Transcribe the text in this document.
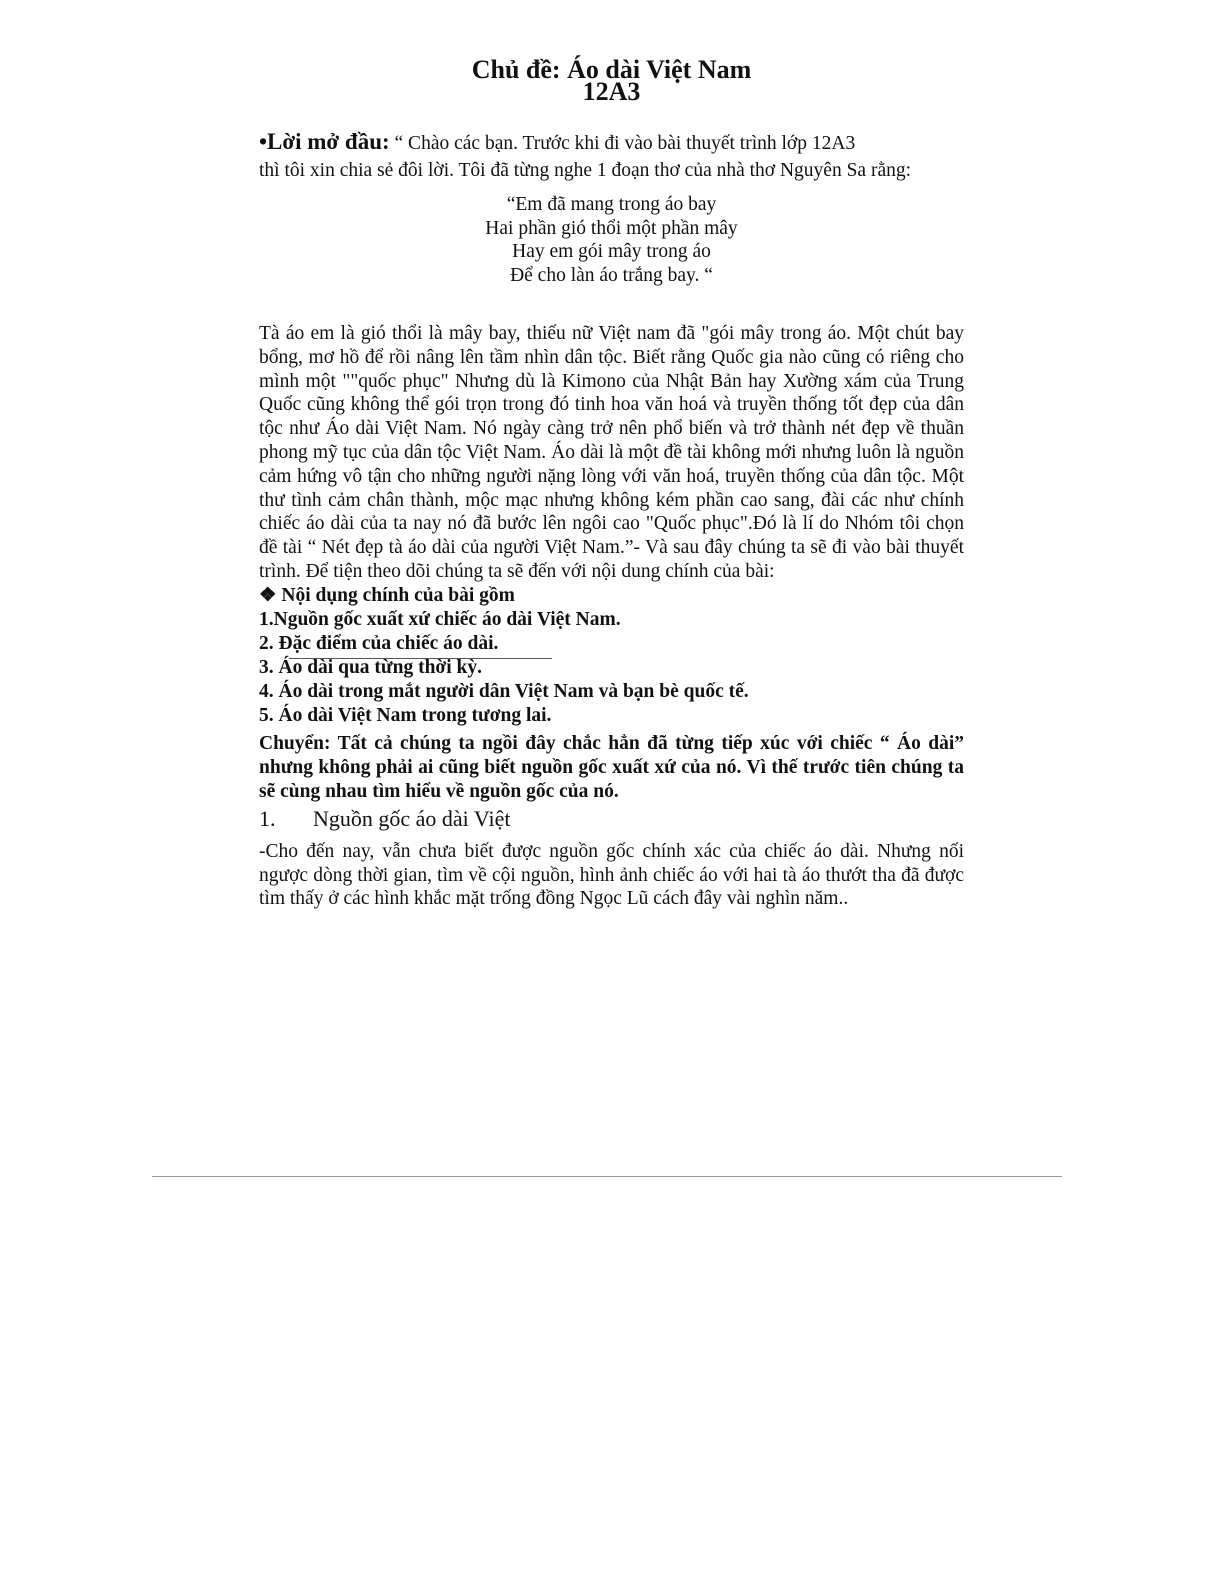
Chủ đề: Áo dài Việt Nam
12A3
•Lời mở đầu: “ Chào các bạn. Trước khi đi vào bài thuyết trình lớp 12A3

thì tôi xin chia sẻ đôi lời. Tôi đã từng nghe 1 đoạn thơ của nhà thơ Nguyên Sa rằng:

“Em đã mang trong áo bay
Hai phần gió thổi một phần mây
Hay em gói mây trong áo
Để cho làn áo trắng bay. “

Tà áo em là gió thổi là mây bay, thiếu nữ Việt nam đã "gói mây trong áo. Một chút bay bổng, mơ hồ để rồi nâng lên tầm nhìn dân tộc. Biết rằng Quốc gia nào cũng có riêng cho mình một ""quốc phục" Nhưng dù là Kimono của Nhật Bản hay Xường xám của Trung Quốc cũng không thể gói trọn trong đó tinh hoa văn hoá và truyền thống tốt đẹp của dân tộc như Áo dài Việt Nam. Nó ngày càng trở nên phổ biến và trở thành nét đẹp về thuần phong mỹ tục của dân tộc Việt Nam. Áo dài là một đề tài không mới nhưng luôn là nguồn cảm hứng vô tận cho những người nặng lòng với văn hoá, truyền thống của dân tộc. Một thư tình cảm chân thành, mộc mạc nhưng không kém phần cao sang, đài các như chính chiếc áo dài của ta nay nó đã bước lên ngôi cao "Quốc phục".Đó là lí do Nhóm tôi chọn đề tài “ Nét đẹp tà áo dài của người Việt Nam.”- Và sau đây chúng ta sẽ đi vào bài thuyết trình. Để tiện theo dõi chúng ta sẽ đến với nội dung chính của bài:

❖ Nội dụng chính của bài gồm
1.Nguồn gốc xuất xứ chiếc áo dài Việt Nam.
2. Đặc điểm của chiếc áo dài.
3. Áo dài qua từng thời kỳ.
4. Áo dài trong mắt người dân Việt Nam và bạn bè quốc tế.
5. Áo dài Việt Nam trong tương lai.

Chuyển: Tất cả chúng ta ngồi đây chắc hẳn đã từng tiếp xúc với chiếc “ Áo dài” nhưng không phải ai cũng biết nguồn gốc xuất xứ của nó. Vì thế trước tiên chúng ta sẽ cùng nhau tìm hiểu về nguồn gốc của nó.

1.	Nguồn gốc áo dài Việt

-Cho đến nay, vẫn chưa biết được nguồn gốc chính xác của chiếc áo dài. Nhưng nối ngược dòng thời gian, tìm về cội nguồn, hình ảnh chiếc áo với hai tà áo thướt tha đã được tìm thấy ở các hình khắc mặt trống đồng Ngọc Lũ cách đây vài nghìn năm..
